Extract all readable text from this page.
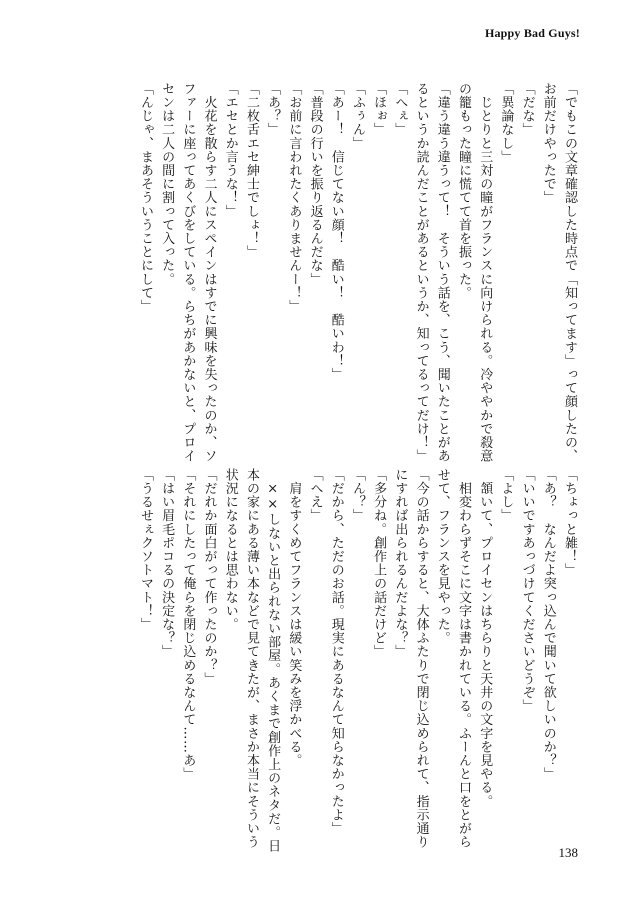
Happy Bad Guys!
「でもこの文章確認した時点で「知ってます」って顔したの、
お前だけやったで」
「だな」
「異論なし」
　じとりと三対の瞳がフランスに向けられる。冷ややかで殺意
の籠もった瞳に慌てて首を振った。
「違う違う違うって！　そういう話を、こう、聞いたことがあ
るというか読んだことがあるというか、知ってるってだけ！」
「へぇ」
「ほぉ」
「ふぅん」
「あー！　信じてない顔！　酷い！　酷いわ！」
「普段の行いを振り返るんだな」
「お前に言われたくありませんー！」
「あ？」
「二枚舌エセ紳士でしょ！」
「エセとか言うな！」
　火花を散らす二人にスペインはすでに興味を失ったのか、ソ
ファーに座ってあくびをしている。らちがあかないと、プロイ
センは二人の間に割って入った。
「んじゃ、まあそういうことにして」
「ちょっと雑！」
「あ？　なんだよ突っ込んで聞いて欲しいのか？」
「いいですあっづけてくださいどうぞ」
「よし」
　頷いて、プロイセンはちらりと天井の文字を見やる。
　相変わらずそこに文字は書かれている。ふーんと口をとがら
せて、フランスを見やった。
「今の話からすると、大体ふたりで閉じ込められて、指示通り
にすれば出られるんだよな？」
「多分ね。創作上の話だけど」
「ん？」
「だから、ただのお話。現実にあるなんて知らなかったよ」
「へえ」
　肩をすくめてフランスは緩い笑みを浮かべる。
　××しないと出られない部屋。あくまで創作上のネタだ。日
本の家にある薄い本などで見てきたが、まさか本当にそういう
状況になるとは思わない。
「だれか面白がって作ったのか？」
「それにしたって俺らを閉じ込めるなんて……あ」
「はい眉毛ポコるの決定な？」
「うるせぇクソトマト！」
138
